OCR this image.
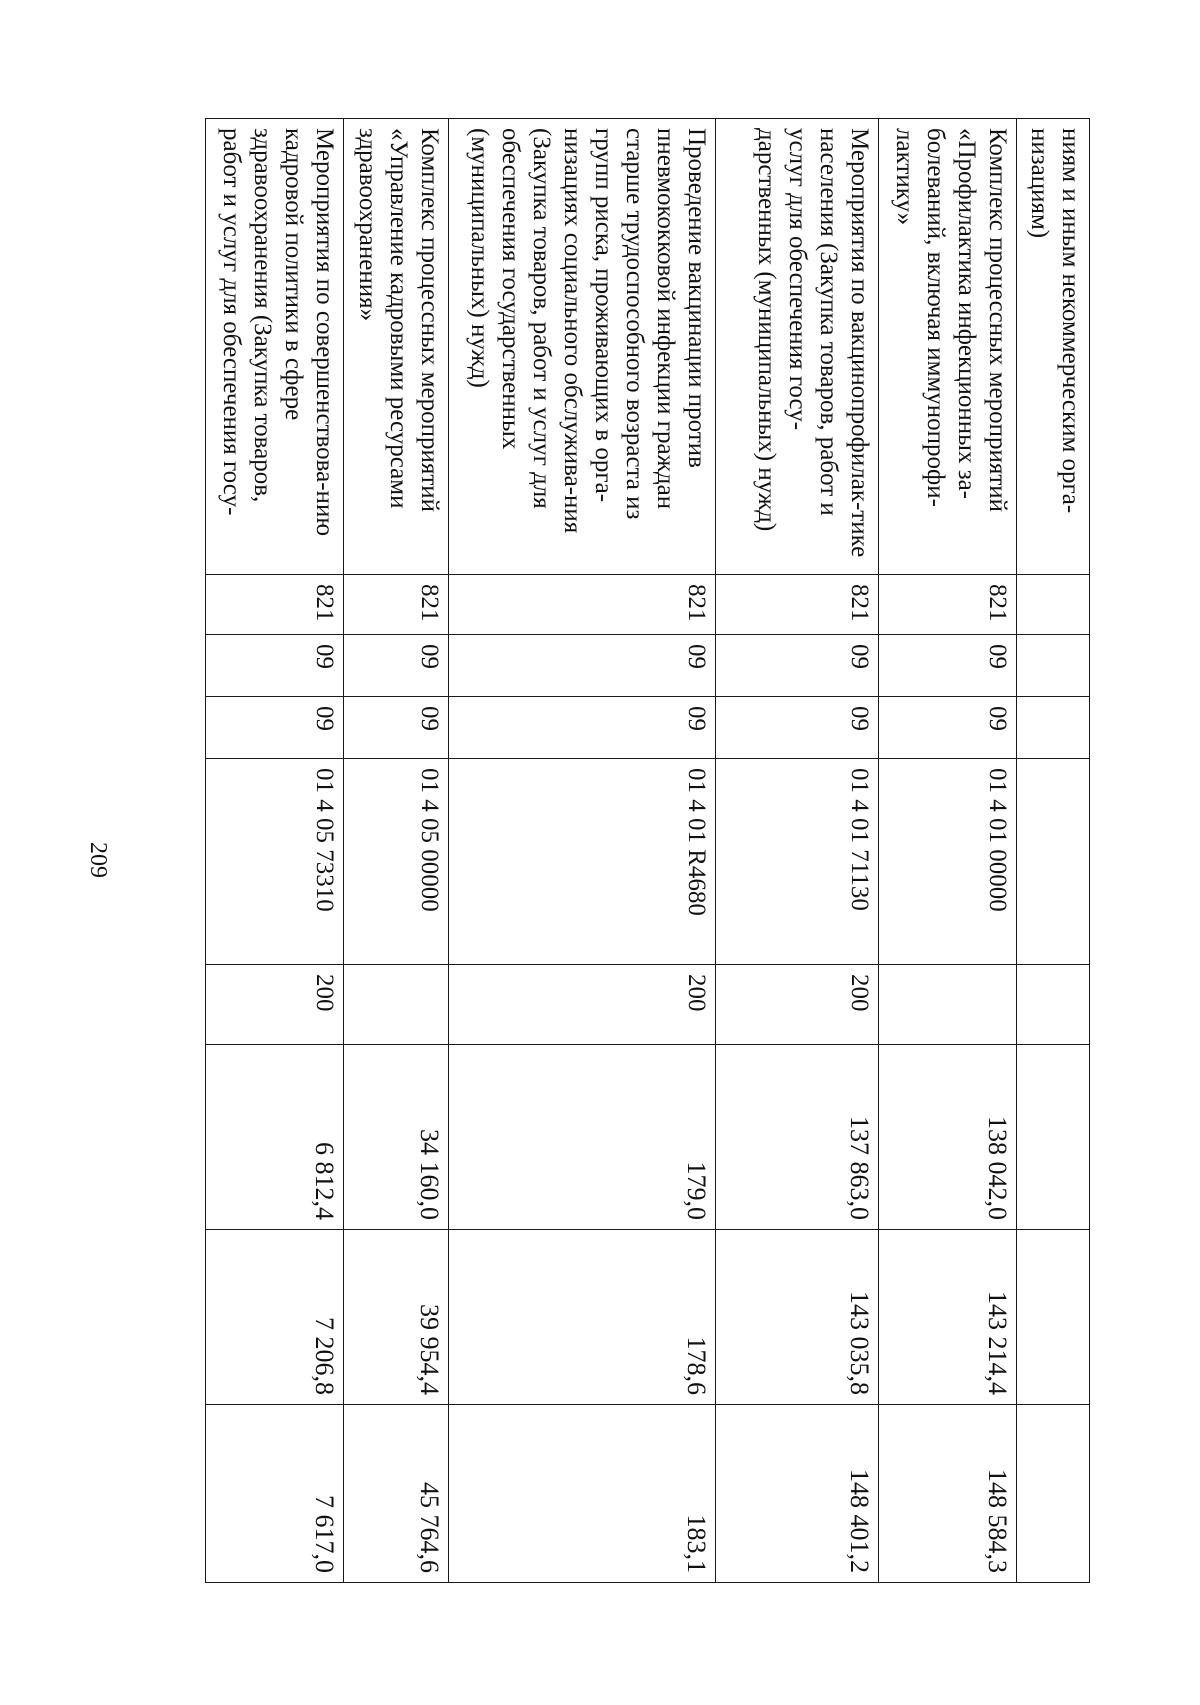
209
ниям и иным некоммерческим орга-низациям)								
Комплекс процессных мероприятий «Профилактика инфекционных за-болеваний, включая иммунопрофи-лактику»	821	09	09	01 4 01 00000		138 042,0	143 214,4	148 584,3
Мероприятия по вакцинопрофилак-тике населения (Закупка товаров, работ и услуг для обеспечения госу-дарственных (муниципальных) нужд)	821	09	09	01 4 01 71130	200	137 863,0	143 035,8	148 401,2
Проведение вакцинации против пневмококковой инфекции граждан старше трудоспособного возраста из групп риска, проживающих в орга-низациях социального обслужива-ния (Закупка товаров, работ и услуг для обеспечения государственных (муниципальных) нужд)	821	09	09	01 4 01 R4680	200	179,0	178,6	183,1
Комплекс процессных мероприятий «Управление кадровыми ресурсами здравоохранения»	821	09	09	01 4 05 00000		34 160,0	39 954,4	45 764,6
Мероприятия по совершенствова-нию кадровой политики в сфере здравоохранения (Закупка товаров, работ и услуг для обеспечения госу-	821	09	09	01 4 05 73310	200	6 812,4	7 206,8	7 617,0
